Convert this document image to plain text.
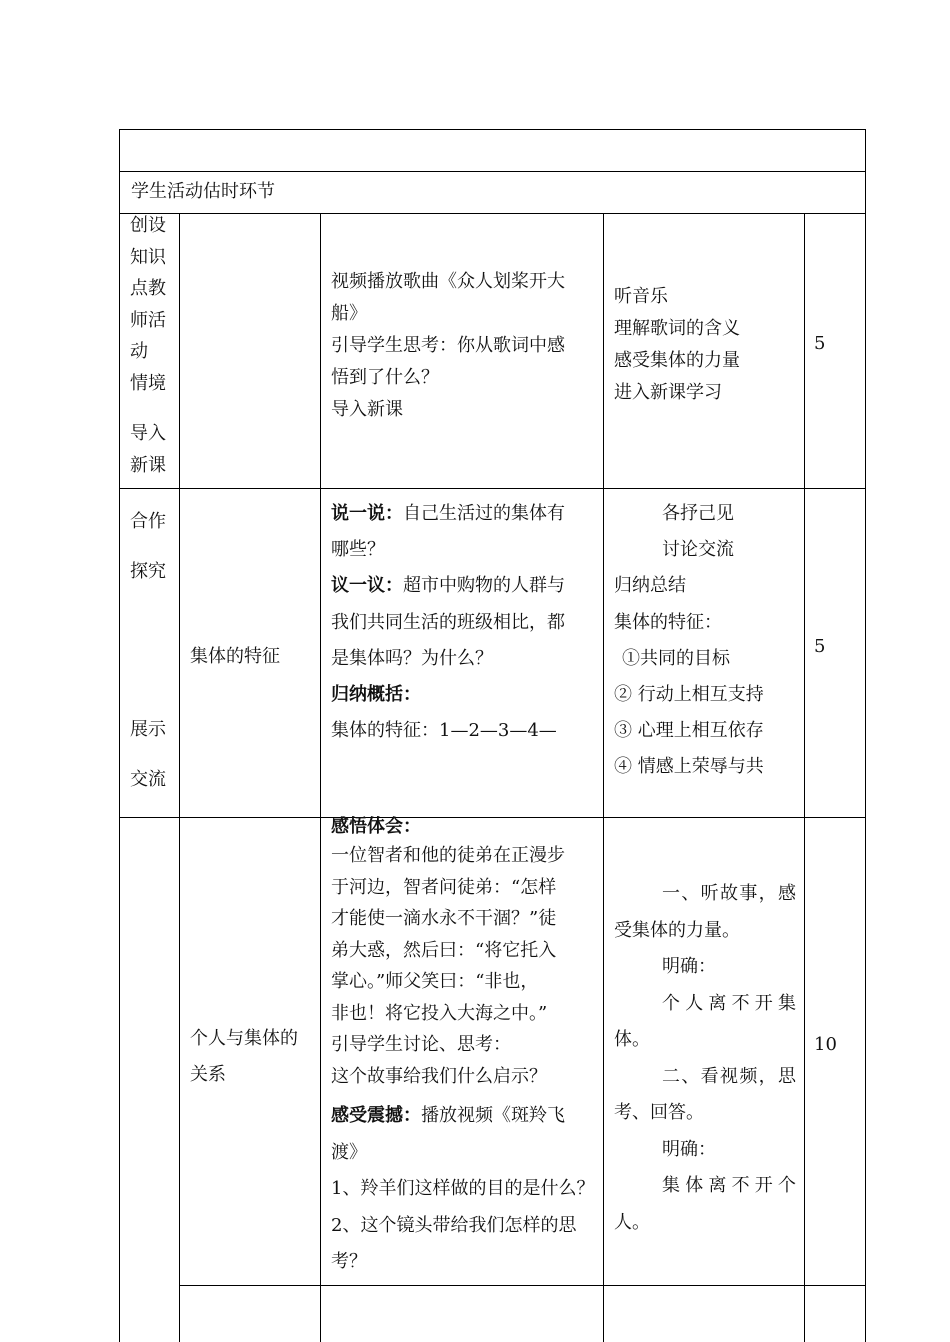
学生活动估时环节

创设

知识

点教

师活

动

情境

导入

新课

视频播放歌曲《众人划桨开大

船》

引导学生思考：你从歌词中感

悟到了什么？

导入新课

听音乐

理解歌词的含义

感受集体的力量

进入新课学习

5

合作

探究

展示

交流

集体的特征

说一说：自己生活过的集体有

哪些？

议一议：超市中购物的人群与

我们共同生活的班级相比，都

是集体吗？为什么？

归纳概括：

集体的特征：1—2—3—4—

各抒己见

讨论交流

归纳总结

集体的特征：

①共同的目标

② 行动上相互支持

③ 心理上相互依存

④ 情感上荣辱与共

5

个人与集体的

关系

感悟体会：

一位智者和他的徒弟在正漫步

于河边，智者问徒弟：“怎样

才能使一滴水永不干涸？”徒

弟大惑，然后曰：“将它托入

掌心。”师父笑曰：“非也，

非也！将它投入大海之中。”

引导学生讨论、思考：

这个故事给我们什么启示？

感受震撼：播放视频《斑羚飞

渡》

1、羚羊们这样做的目的是什么？

2、这个镜头带给我们怎样的思

考？

一、听故事，感

受集体的力量。

明确：

个人离不开集

体。

二、看视频，思

考、回答。

明确：

集体离不开个

人。

10
